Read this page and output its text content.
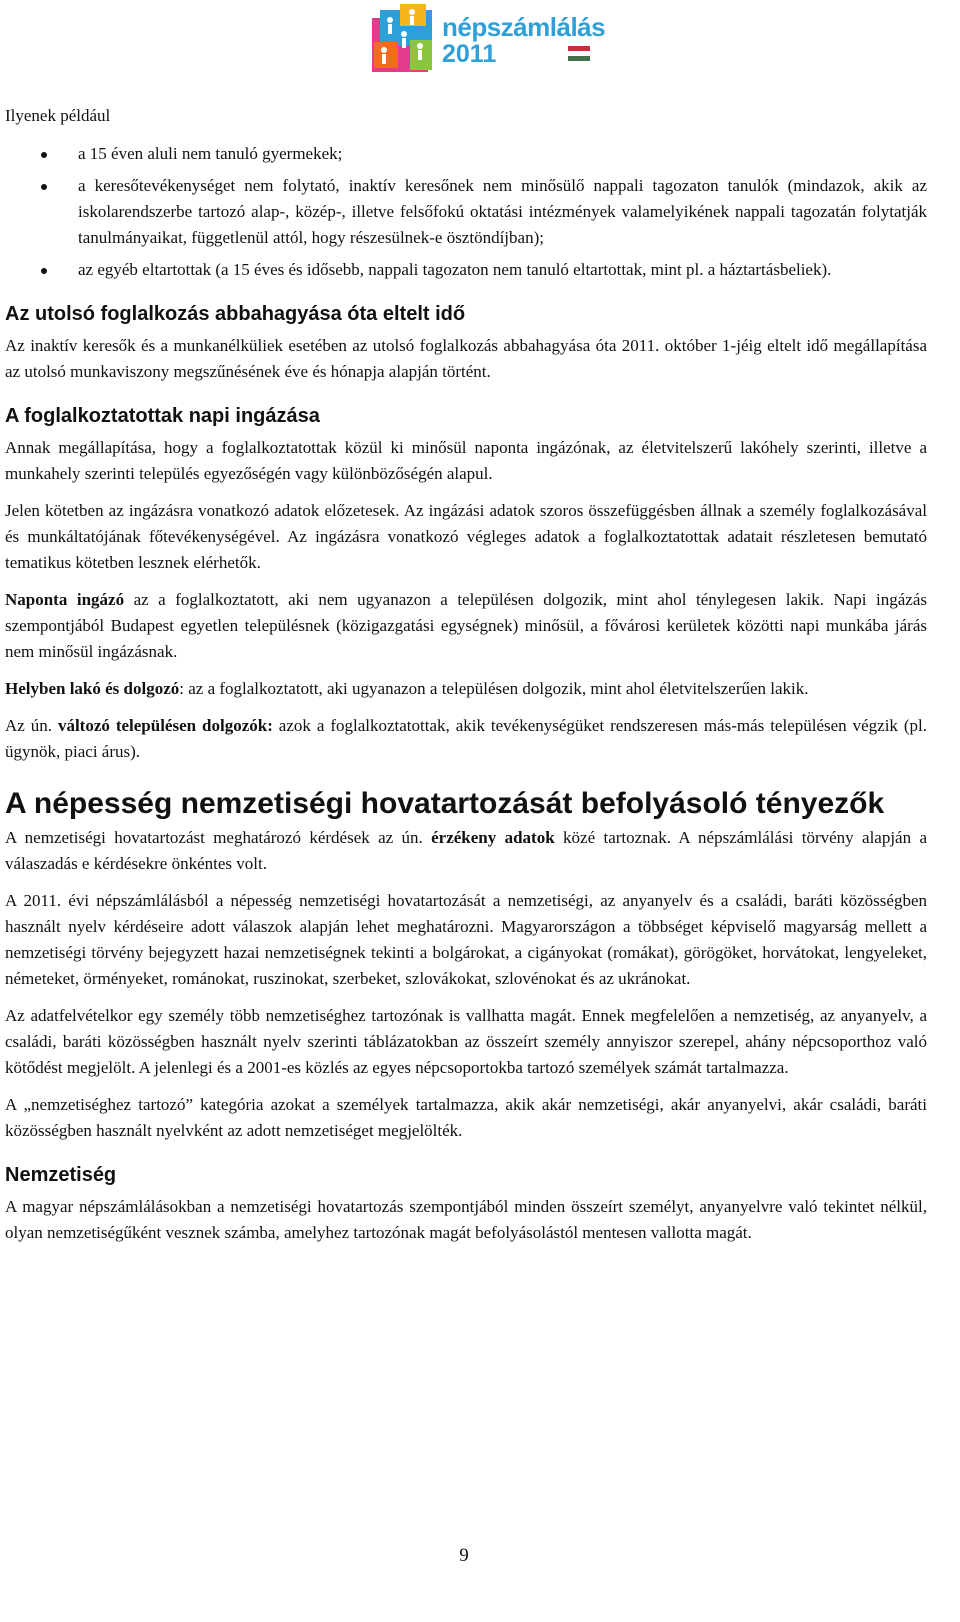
népszámlálás
2011

Ilyenek például

a 15 éven aluli nem tanuló gyermekek;
a keresőtevékenységet nem folytató, inaktív keresőnek nem minősülő nappali tagozaton tanulók (mindazok, akik az iskolarendszerbe tartozó alap-, közép-, illetve felsőfokú oktatási intézmények valamelyikének nappali tagozatán folytatják tanulmányaikat, függetlenül attól, hogy részesülnek-e ösztöndíjban);
az egyéb eltartottak (a 15 éves és idősebb, nappali tagozaton nem tanuló eltartottak, mint pl. a háztartásbeliek).
Az utolsó foglalkozás abbahagyása óta eltelt idő

Az inaktív keresők és a munkanélküliek esetében az utolsó foglalkozás abbahagyása óta 2011. október 1-jéig eltelt idő megállapítása az utolsó munkaviszony megszűnésének éve és hónapja alapján történt.

A foglalkoztatottak napi ingázása

Annak megállapítása, hogy a foglalkoztatottak közül ki minősül naponta ingázónak, az életvitelszerű lakóhely szerinti, illetve a munkahely szerinti település egyezőségén vagy különbözőségén alapul.

Jelen kötetben az ingázásra vonatkozó adatok előzetesek. Az ingázási adatok szoros összefüggésben állnak a személy foglalkozásával és munkáltatójának főtevékenységével. Az ingázásra vonatkozó végleges adatok a foglalkoztatottak adatait részletesen bemutató tematikus kötetben lesznek elérhetők.

Naponta ingázó az a foglalkoztatott, aki nem ugyanazon a településen dolgozik, mint ahol ténylegesen lakik. Napi ingázás szempontjából Budapest egyetlen településnek (közigazgatási egységnek) minősül, a fővárosi kerületek közötti napi munkába járás nem minősül ingázásnak.

Helyben lakó és dolgozó: az a foglalkoztatott, aki ugyanazon a településen dolgozik, mint ahol életvitelszerűen lakik.

Az ún. változó településen dolgozók: azok a foglalkoztatottak, akik tevékenységüket rendszeresen más-más településen végzik (pl. ügynök, piaci árus).

A népesség nemzetiségi hovatartozását befolyásoló tényezők

A nemzetiségi hovatartozást meghatározó kérdések az ún. érzékeny adatok közé tartoznak. A népszámlálási törvény alapján a válaszadás e kérdésekre önkéntes volt.

A 2011. évi népszámlálásból a népesség nemzetiségi hovatartozását a nemzetiségi, az anyanyelv és a családi, baráti közösségben használt nyelv kérdéseire adott válaszok alapján lehet meghatározni. Magyarországon a többséget képviselő magyarság mellett a nemzetiségi törvény bejegyzett hazai nemzetiségnek tekinti a bolgárokat, a cigányokat (romákat), görögöket, horvátokat, lengyeleket, németeket, örményeket, románokat, ruszinokat, szerbeket, szlovákokat, szlovénokat és az ukránokat.

Az adatfelvételkor egy személy több nemzetiséghez tartozónak is vallhatta magát. Ennek megfelelően a nemzetiség, az anyanyelv, a családi, baráti közösségben használt nyelv szerinti táblázatokban az összeírt személy annyiszor szerepel, ahány népcsoporthoz való kötődést megjelölt. A jelenlegi és a 2001-es közlés az egyes népcsoportokba tartozó személyek számát tartalmazza.

A „nemzetiséghez tartozó” kategória azokat a személyek tartalmazza, akik akár nemzetiségi, akár anyanyelvi, akár családi, baráti közösségben használt nyelvként az adott nemzetiséget megjelölték.

Nemzetiség

A magyar népszámlálásokban a nemzetiségi hovatartozás szempontjából minden összeírt személyt, anyanyelvre való tekintet nélkül, olyan nemzetiségűként vesznek számba, amelyhez tartozónak magát befolyásolástól mentesen vallotta magát.

9
